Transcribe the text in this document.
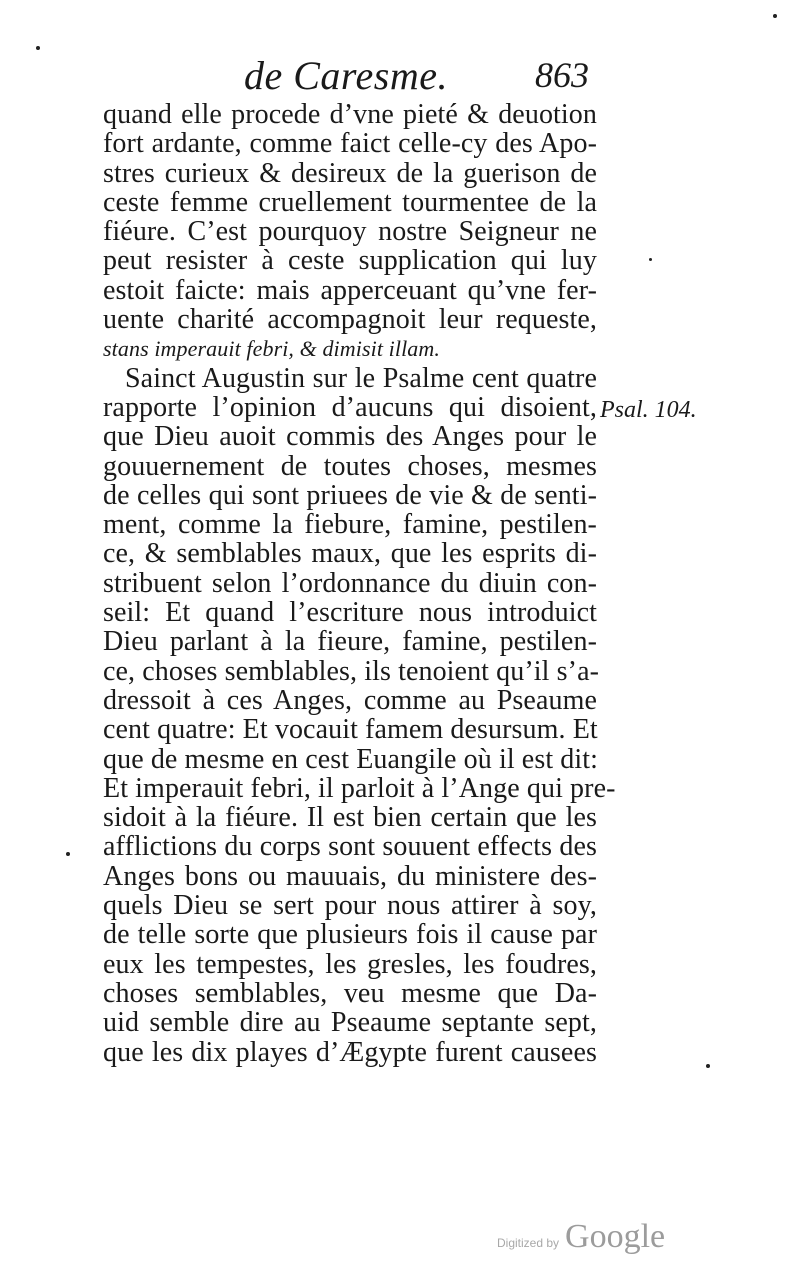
de Caresme. 863
quand elle procede d’vne pieté & deuotion
fort ardante, comme faict celle-cy des Apo-
stres curieux & desireux de la guerison de
ceste femme cruellement tourmentee de la
fiéure. C’est pourquoy nostre Seigneur ne
peut resister à ceste supplication qui luy
estoit faicte: mais apperceuant qu’vne fer-
uente charité accompagnoit leur requeste,
stans imperauit febri, & dimisit illam.
Sainct Augustin sur le Psalme cent quatre
rapporte l’opinion d’aucuns qui disoient,
que Dieu auoit commis des Anges pour le
gouuernement de toutes choses, mesmes
de celles qui sont priuees de vie & de senti-
ment, comme la fiebure, famine, pestilen-
ce, & semblables maux, que les esprits di-
stribuent selon l’ordonnance du diuin con-
seil: Et quand l’escriture nous introduict
Dieu parlant à la fieure, famine, pestilen-
ce, choses semblables, ils tenoient qu’il s’a-
dressoit à ces Anges, comme au Pseaume
cent quatre: Et vocauit famem desursum. Et
que de mesme en cest Euangile où il est dit:
Et imperauit febri, il parloit à l’Ange qui pre-
sidoit à la fiéure. Il est bien certain que les
afflictions du corps sont souuent effects des
Anges bons ou mauuais, du ministere des-
quels Dieu se sert pour nous attirer à soy,
de telle sorte que plusieurs fois il cause par
eux les tempestes, les gresles, les foudres,
choses semblables, veu mesme que Da-
uid semble dire au Pseaume septante sept,
que les dix playes d’Ægypte furent causees
Psal. 104.
Digitized by Google
